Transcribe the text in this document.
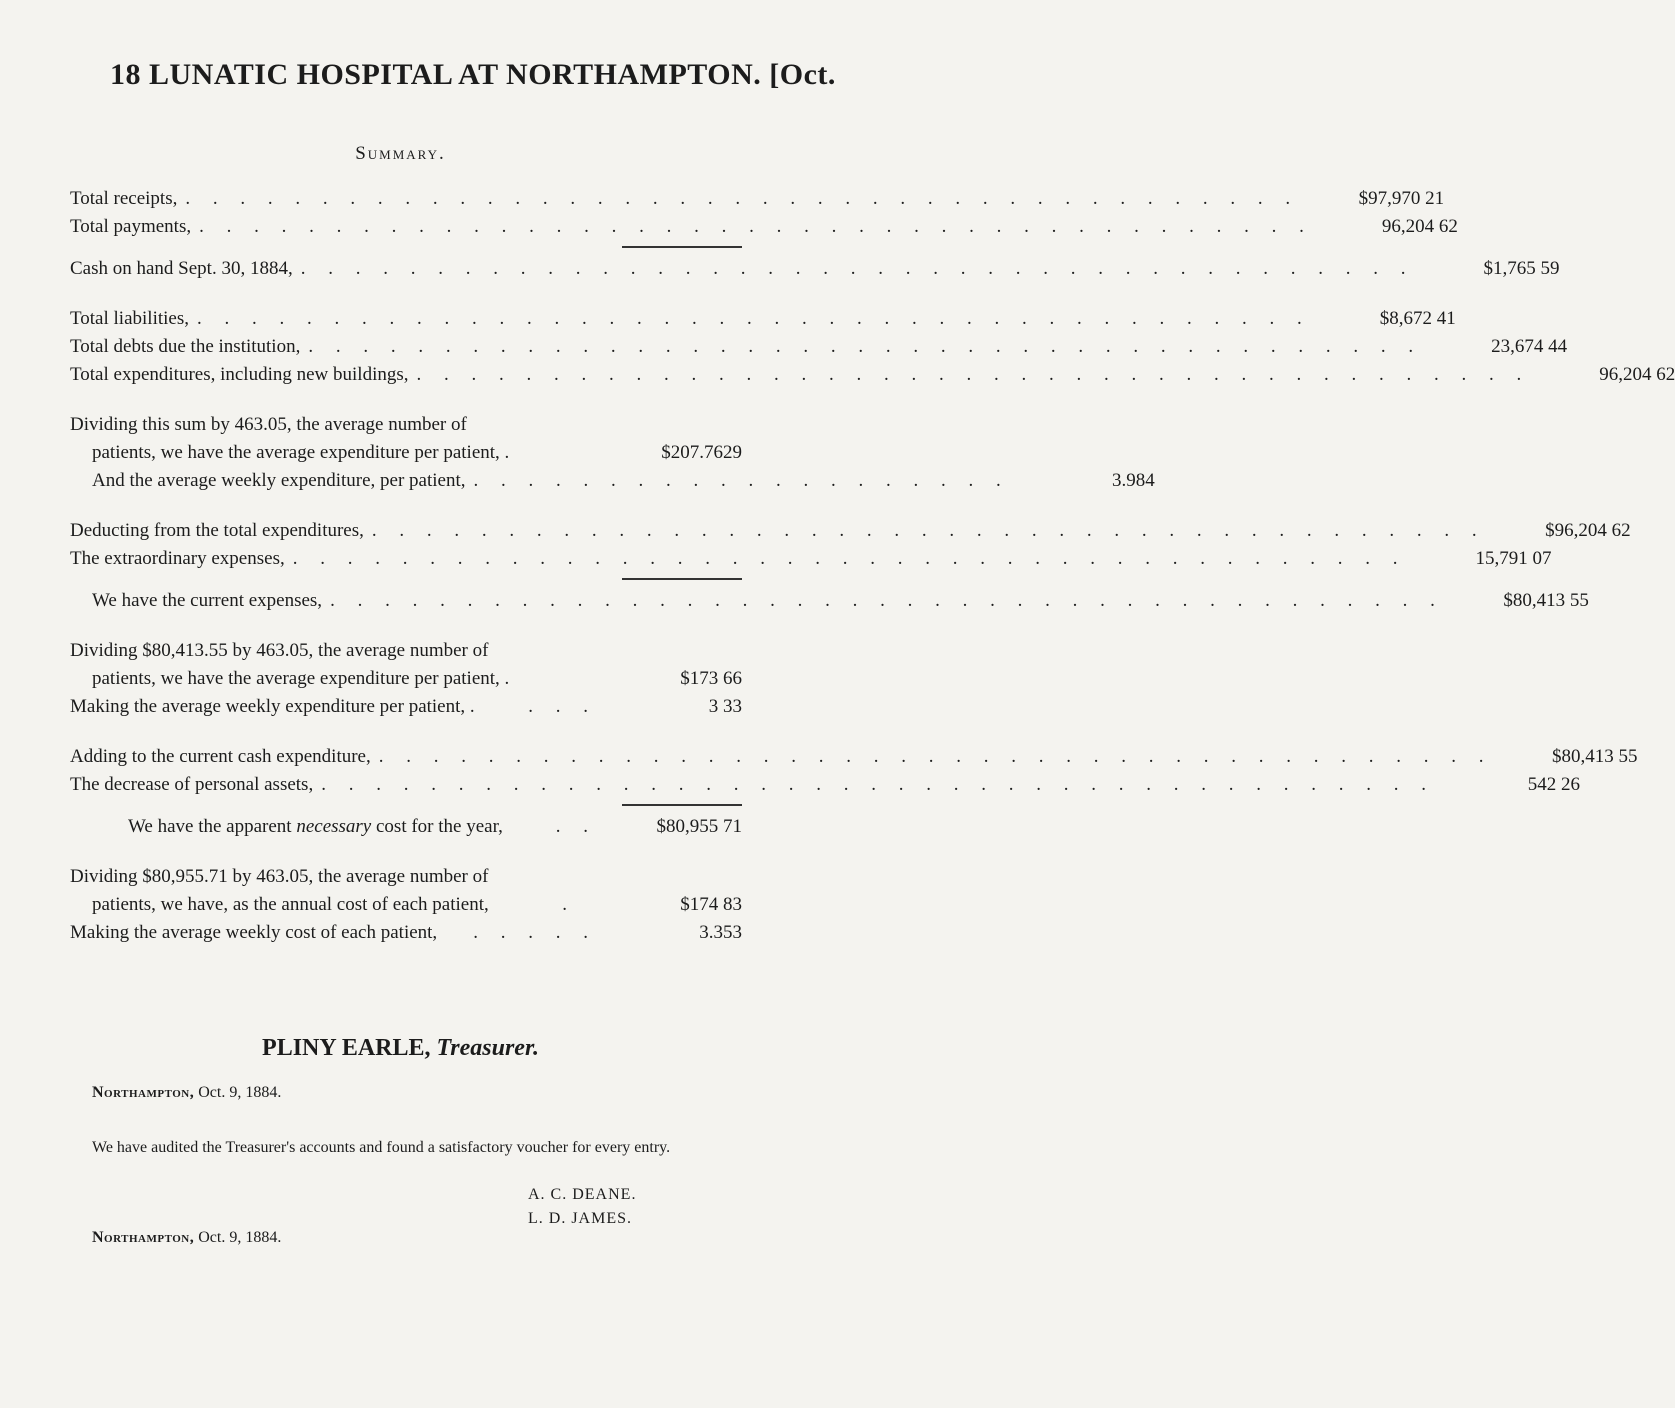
18 LUNATIC HOSPITAL AT NORTHAMPTON. [Oct.
Summary.
Total receipts, . . . . . . . . . . . . . . . . . . . . . . . . . . . . . . . . . . . . . . . . .	$97,970 21
Total payments, . . . . . . . . . . . . . . . . . . . . . . . . . . . . . . . . . . . . . . . . .	96,204 62
Cash on hand Sept. 30, 1884, . . . . . . . . . . . . . . . . . . . . . . . . . . . . . . . . . . . . . . . . .	$1,765 59
Total liabilities, . . . . . . . . . . . . . . . . . . . . . . . . . . . . . . . . . . . . . . . . .	$8,672 41
Total debts due the institution, . . . . . . . . . . . . . . . . . . . . . . . . . . . . . . . . . . . . . . . . .	23,674 44
Total expenditures, including new buildings, . . . . . . . . . . . . . . . . . . . . . . . . . . . . . . . . . . . . . . . . .	96,204 62
Dividing this sum by 463.05, the average number of
patients, we have the average expenditure per patient, .	$207.7629
And the average weekly expenditure, per patient, . . . . . . . . . . . . . . . . . . . .	3.984
Deducting from the total expenditures, . . . . . . . . . . . . . . . . . . . . . . . . . . . . . . . . . . . . . . . . .	$96,204 62
The extraordinary expenses, . . . . . . . . . . . . . . . . . . . . . . . . . . . . . . . . . . . . . . . . .	15,791 07
We have the current expenses, . . . . . . . . . . . . . . . . . . . . . . . . . . . . . . . . . . . . . . . . .	$80,413 55
Dividing $80,413.55 by 463.05, the average number of
patients, we have the average expenditure per patient, .	$173 66
Making the average weekly expenditure per patient, .	. . .	3 33
Adding to the current cash expenditure, . . . . . . . . . . . . . . . . . . . . . . . . . . . . . . . . . . . . . . . . .	$80,413 55
The decrease of personal assets, . . . . . . . . . . . . . . . . . . . . . . . . . . . . . . . . . . . . . . . . .	542 26
We have the apparent necessary cost for the year,	. .	$80,955 71
Dividing $80,955.71 by 463.05, the average number of
patients, we have, as the annual cost of each patient,	.	$174 83
Making the average weekly cost of each patient,	. . . . .	3.353
PLINY EARLE, Treasurer.
Northampton, Oct. 9, 1884.
We have audited the Treasurer's accounts and found a satisfactory voucher for every entry.
A. C. DEANE.
L. D. JAMES.
Northampton, Oct. 9, 1884.
